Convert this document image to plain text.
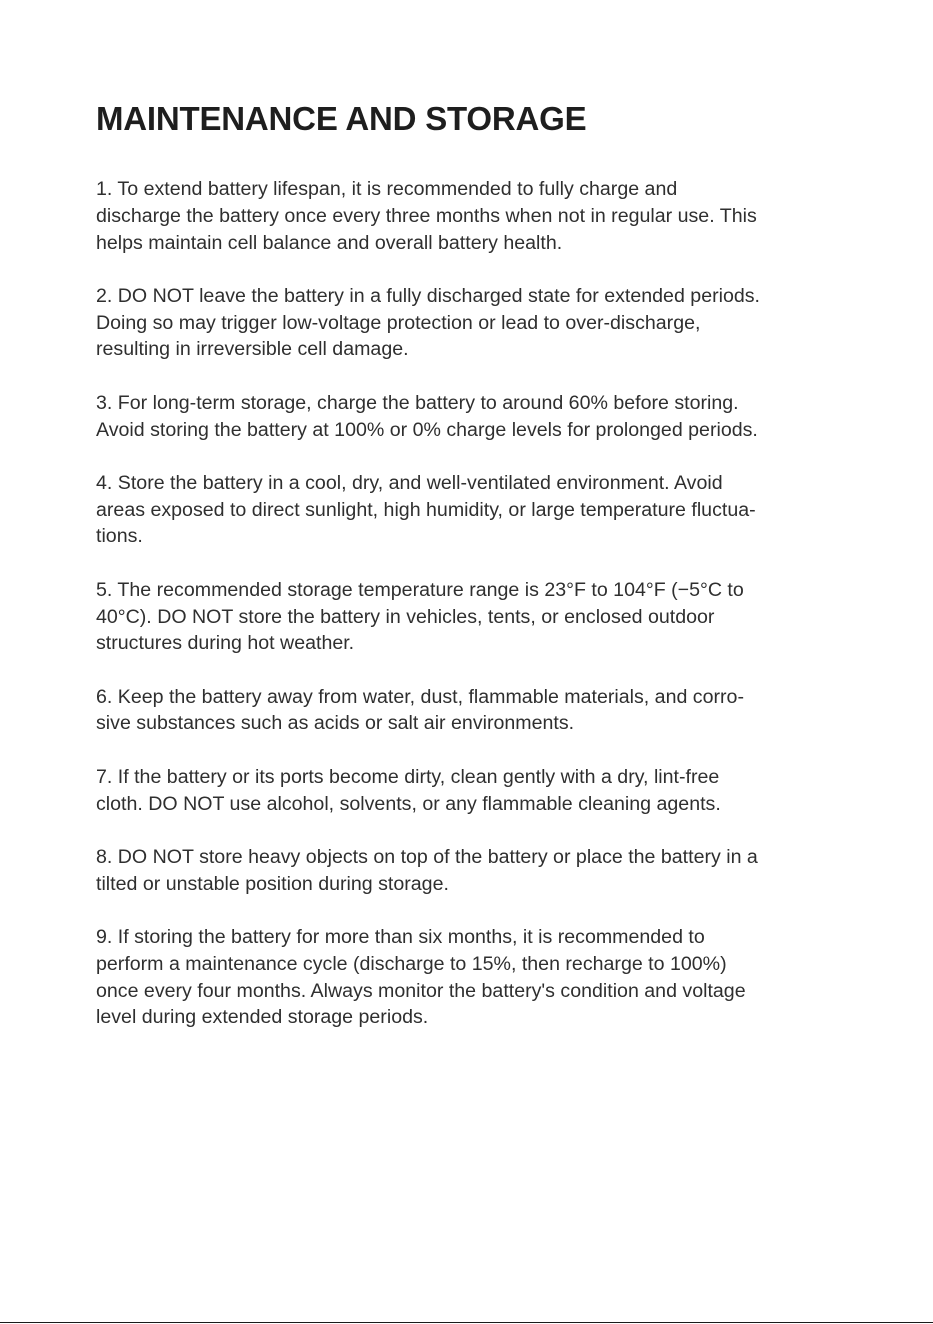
MAINTENANCE AND STORAGE

1. To extend battery lifespan, it is recommended to fully charge and
discharge the battery once every three months when not in regular use. This
helps maintain cell balance and overall battery health.

2. DO NOT leave the battery in a fully discharged state for extended periods.
Doing so may trigger low-voltage protection or lead to over-discharge,
resulting in irreversible cell damage.

3. For long-term storage, charge the battery to around 60% before storing.
Avoid storing the battery at 100% or 0% charge levels for prolonged periods.

4. Store the battery in a cool, dry, and well-ventilated environment. Avoid
areas exposed to direct sunlight, high humidity, or large temperature fluctua-
tions.

5. The recommended storage temperature range is 23°F to 104°F (−5°C to
40°C). DO NOT store the battery in vehicles, tents, or enclosed outdoor
structures during hot weather.

6. Keep the battery away from water, dust, flammable materials, and corro-
sive substances such as acids or salt air environments.

7. If the battery or its ports become dirty, clean gently with a dry, lint-free
cloth. DO NOT use alcohol, solvents, or any flammable cleaning agents.

8. DO NOT store heavy objects on top of the battery or place the battery in a
tilted or unstable position during storage.

9. If storing the battery for more than six months, it is recommended to
perform a maintenance cycle (discharge to 15%, then recharge to 100%)
once every four months. Always monitor the battery's condition and voltage
level during extended storage periods.
